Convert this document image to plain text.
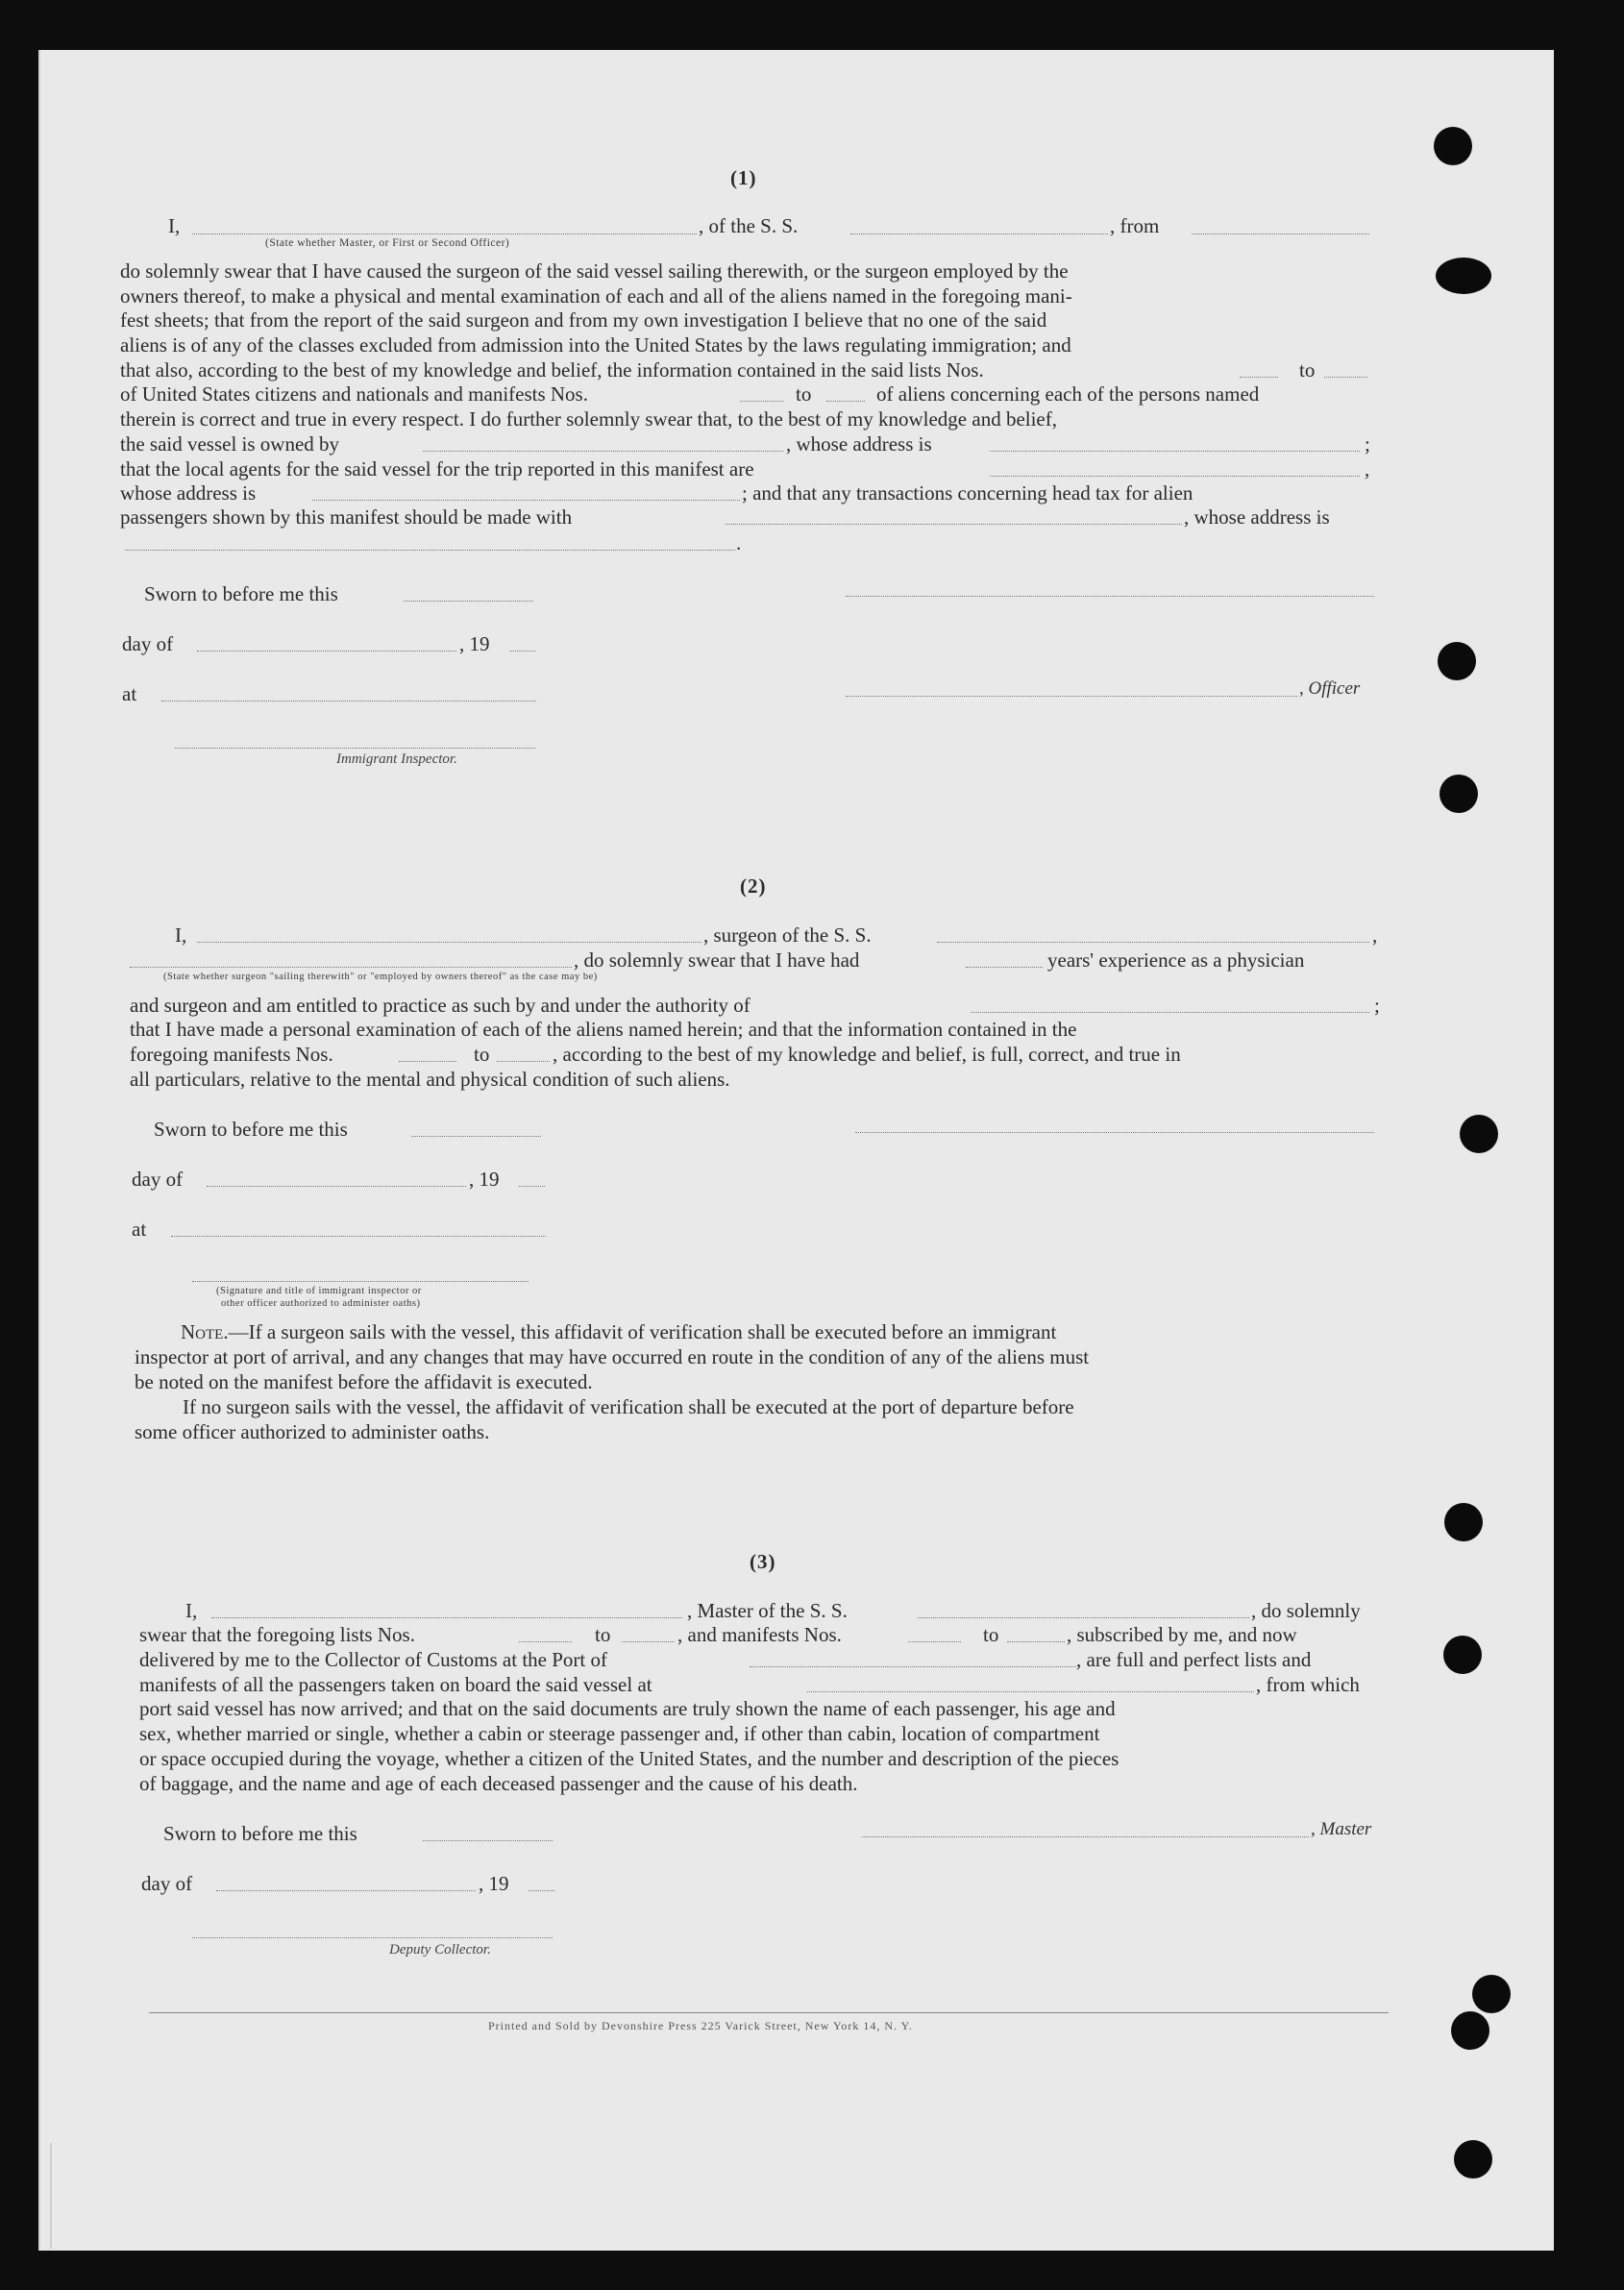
(1)
I,
(State whether Master, or First or Second Officer)
, of the S. S.	, from

do solemnly swear that I have caused the surgeon of the said vessel sailing therewith, or the surgeon employed by the

owners thereof, to make a physical and mental examination of each and all of the aliens named in the foregoing mani-

fest sheets; that from the report of the said surgeon and from my own investigation I believe that no one of the said

aliens is of any of the classes excluded from admission into the United States by the laws regulating immigration; and

that also, according to the best of my knowledge and belief, the information contained in the said lists Nos.	to
of United States citizens and nationals and manifests Nos.	to	of aliens concerning each of the persons named
therein is correct and true in every respect. I do further solemnly swear that, to the best of my knowledge and belief,
the said vessel is owned by	, whose address is	;
that the local agents for the said vessel for the trip reported in this manifest are	,
whose address is	; and that any transactions concerning head tax for alien
passengers shown by this manifest should be made with	, whose address is
.
Sworn to before me this
day of	, 19
at	, Officer
Immigrant Inspector.
(2)
I,	, surgeon of the S. S.	,
, do solemnly swear that I have had	years' experience as a physician
(State whether surgeon "sailing therewith" or "employed by owners thereof" as the case may be)
and surgeon and am entitled to practice as such by and under the authority of	;
that I have made a personal examination of each of the aliens named herein; and that the information contained in the
foregoing manifests Nos.	to	, according to the best of my knowledge and belief, is full, correct, and true in
all particulars, relative to the mental and physical condition of such aliens.
Sworn to before me this
day of	, 19
at
(Signature and title of immigrant inspector or
other officer authorized to administer oaths)
Note.—If a surgeon sails with the vessel, this affidavit of verification shall be executed before an immigrant
inspector at port of arrival, and any changes that may have occurred en route in the condition of any of the aliens must
be noted on the manifest before the affidavit is executed.
If no surgeon sails with the vessel, the affidavit of verification shall be executed at the port of departure before
some officer authorized to administer oaths.
(3)
I,	, Master of the S. S.	, do solemnly
swear that the foregoing lists Nos.	to	, and manifests Nos.	to	, subscribed by me, and now
delivered by me to the Collector of Customs at the Port of	, are full and perfect lists and
manifests of all the passengers taken on board the said vessel at	, from which
port said vessel has now arrived; and that on the said documents are truly shown the name of each passenger, his age and
sex, whether married or single, whether a cabin or steerage passenger and, if other than cabin, location of compartment
or space occupied during the voyage, whether a citizen of the United States, and the number and description of the pieces
of baggage, and the name and age of each deceased passenger and the cause of his death.
Sworn to before me this	, Master
day of	, 19
Deputy Collector.
Printed and Sold by Devonshire Press 225 Varick Street, New York 14, N. Y.
